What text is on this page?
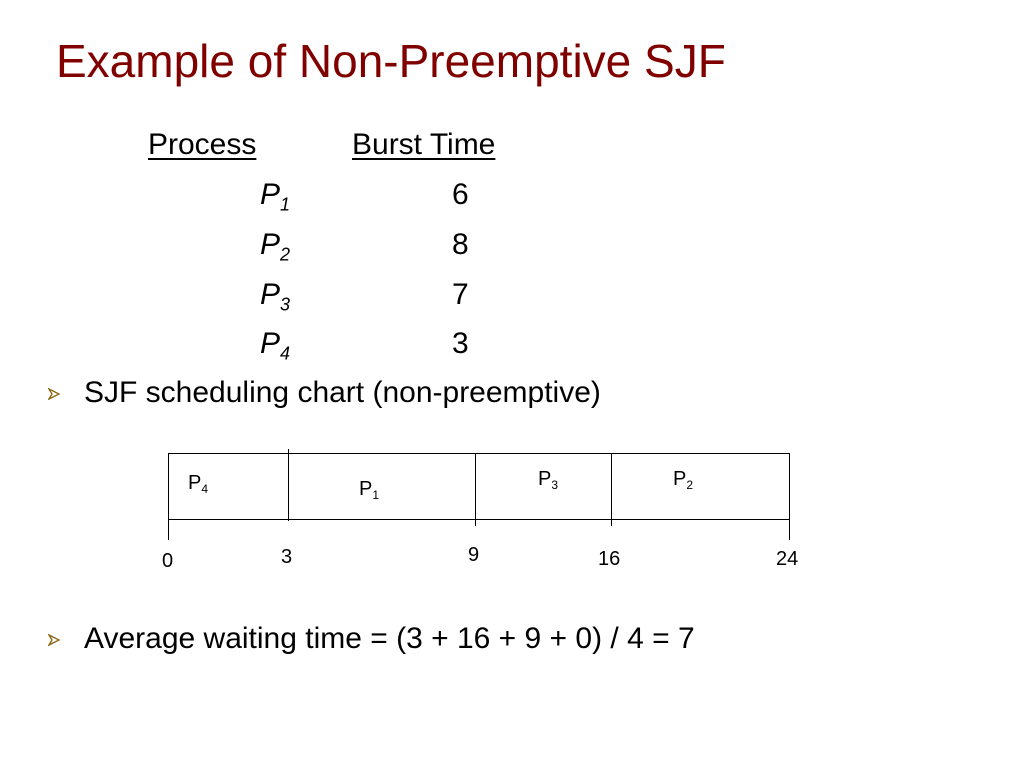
Example of Non-Preemptive SJF
Process	Burst Time
$P_1$	6
$P_2$	8
$P_3$	7
$P_4$	3
SJF scheduling chart (non-preemptive)
$P_4$	$P_1$
$P_3$	$P_2$
0	3	9	16	24
Average waiting time = (3 + 16 + 9 + 0) / 4 = 7
